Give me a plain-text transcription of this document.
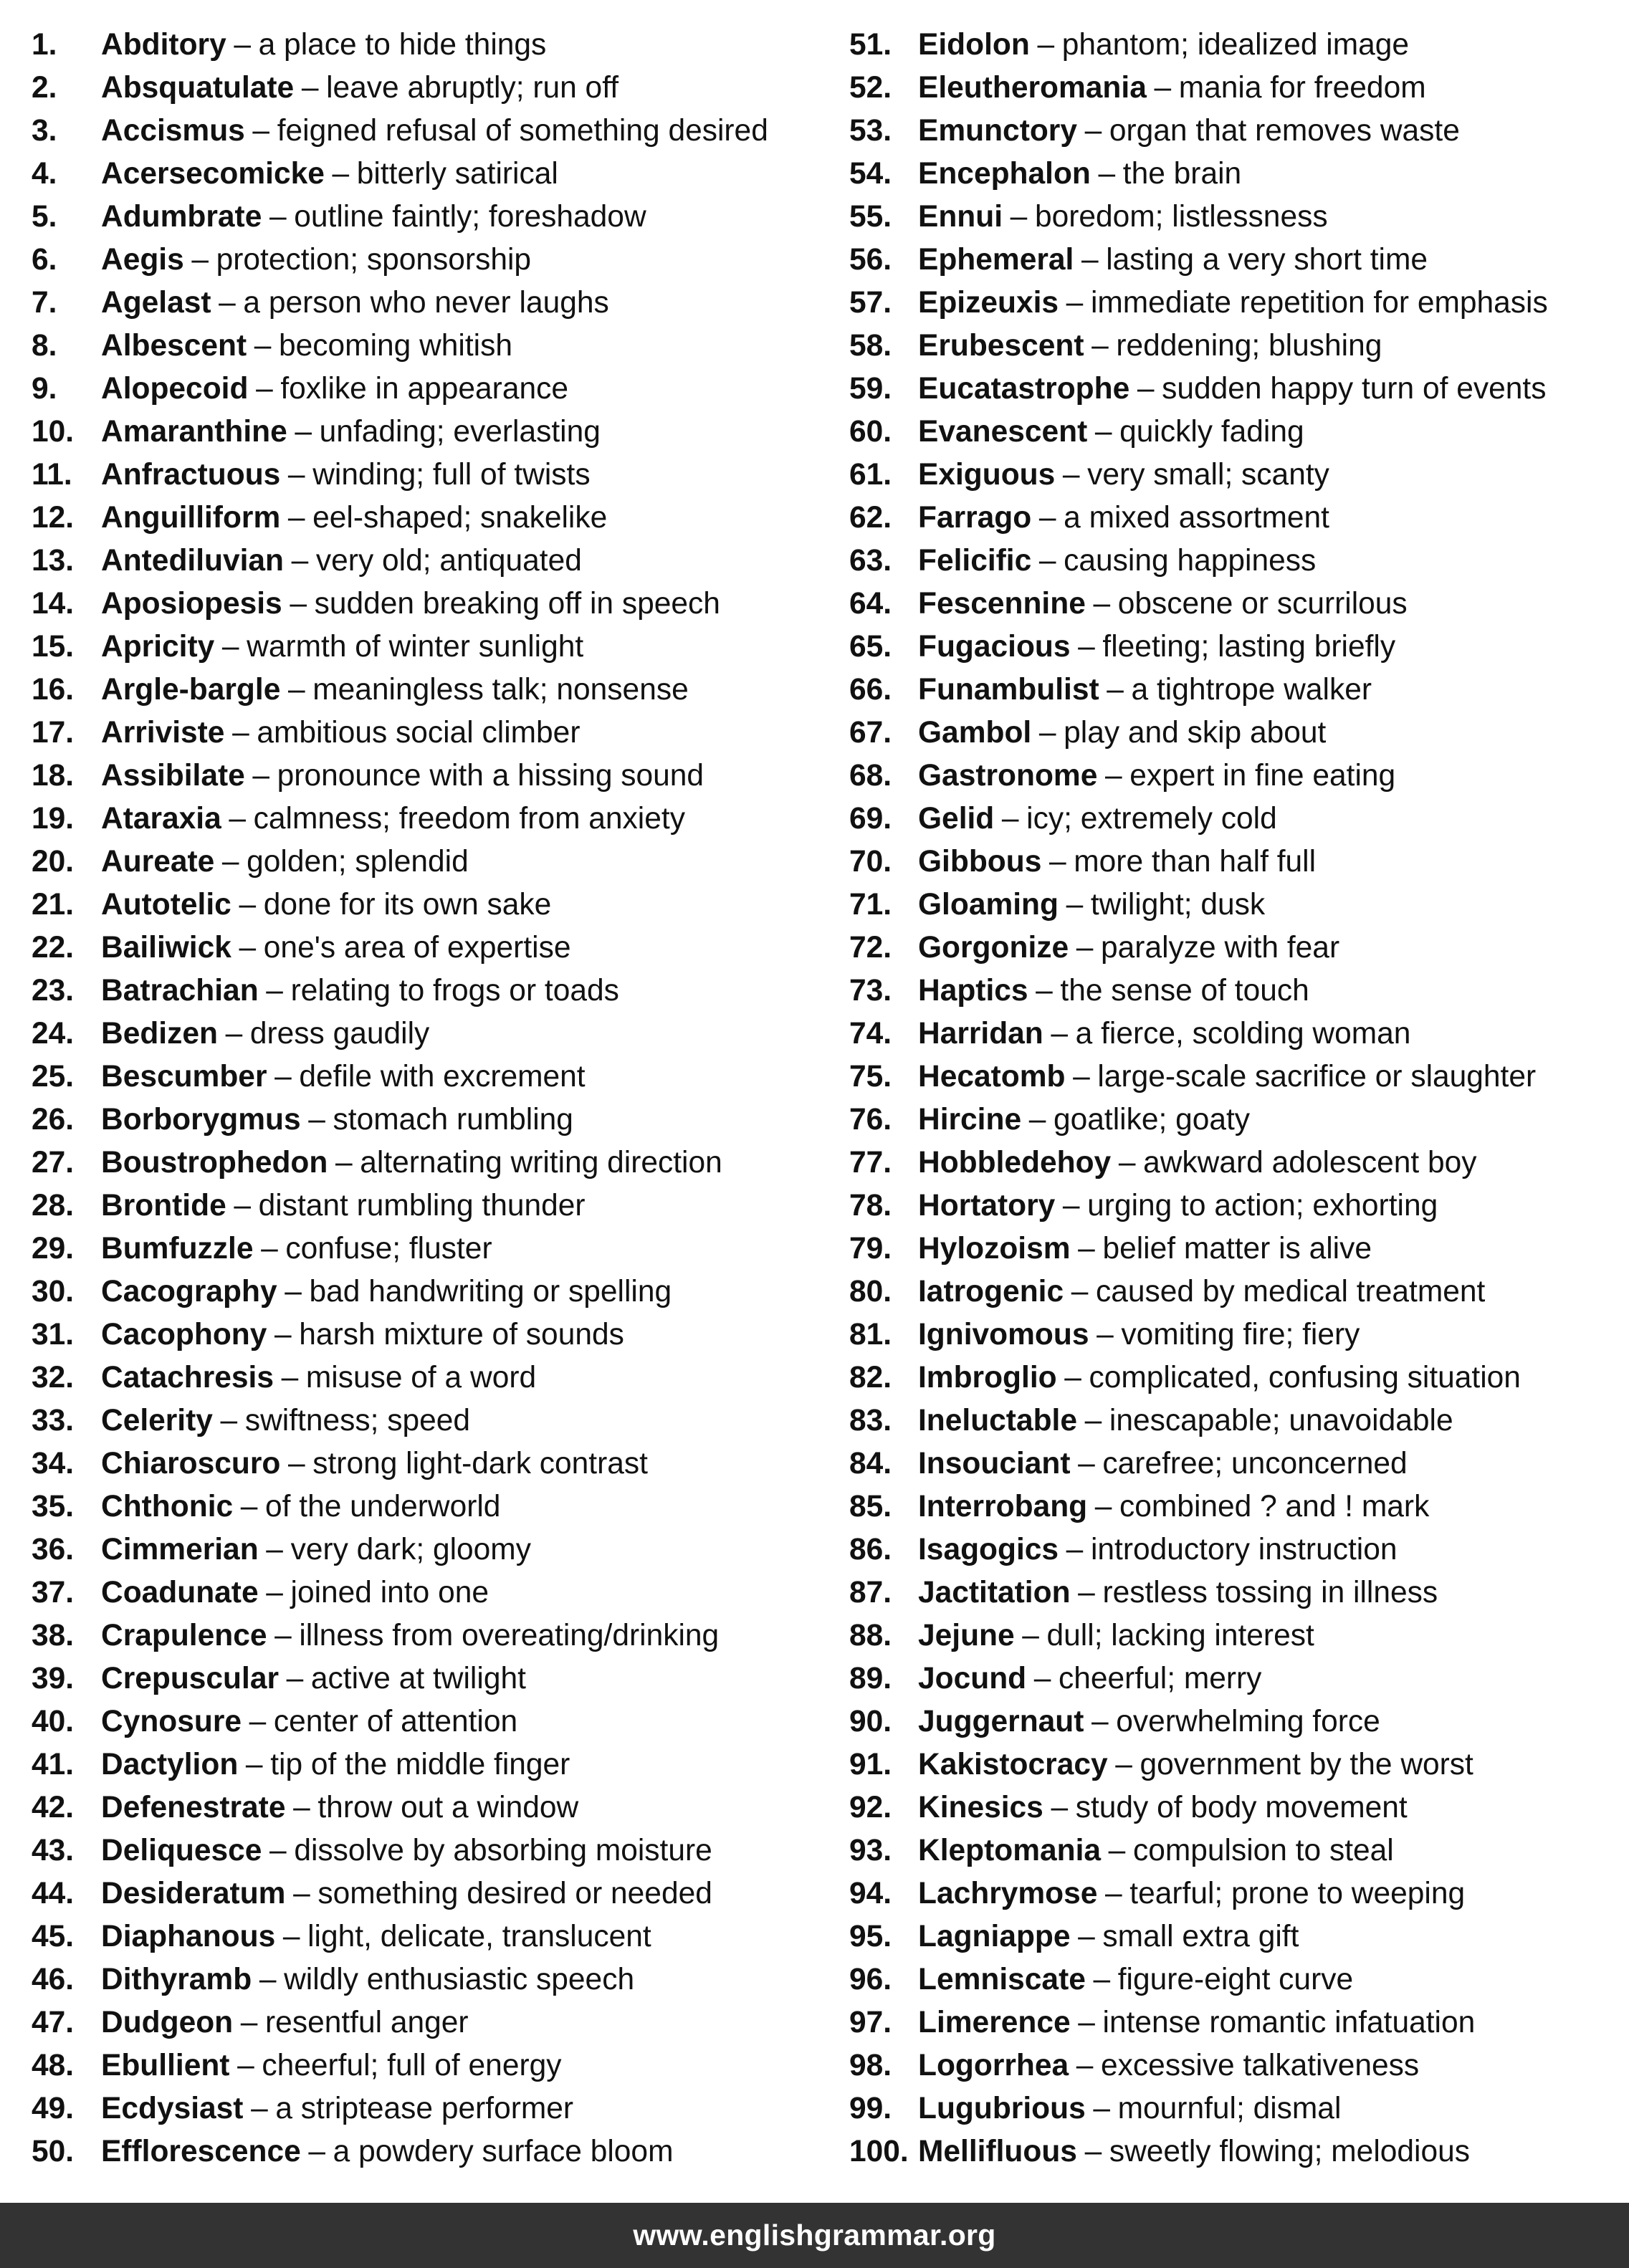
1.	Abditory – a place to hide things
2.	Absquatulate – leave abruptly; run off
3.	Accismus – feigned refusal of something desired
4.	Acersecomicke – bitterly satirical
5.	Adumbrate – outline faintly; foreshadow
6.	Aegis – protection; sponsorship
7.	Agelast – a person who never laughs
8.	Albescent – becoming whitish
9.	Alopecoid – foxlike in appearance
10. Amaranthine – unfading; everlasting
11. Anfractuous – winding; full of twists
12. Anguilliform – eel-shaped; snakelike
13. Antediluvian – very old; antiquated
14. Aposiopesis – sudden breaking off in speech
15. Apricity – warmth of winter sunlight
16. Argle-bargle – meaningless talk; nonsense
17. Arriviste – ambitious social climber
18. Assibilate – pronounce with a hissing sound
19. Ataraxia – calmness; freedom from anxiety
20. Aureate – golden; splendid
21. Autotelic – done for its own sake
22. Bailiwick – one's area of expertise
23. Batrachian – relating to frogs or toads
24. Bedizen – dress gaudily
25. Bescumber – defile with excrement
26. Borborygmus – stomach rumbling
27. Boustrophedon – alternating writing direction
28. Brontide – distant rumbling thunder
29. Bumfuzzle – confuse; fluster
30. Cacography – bad handwriting or spelling
31. Cacophony – harsh mixture of sounds
32. Catachresis – misuse of a word
33. Celerity – swiftness; speed
34. Chiaroscuro – strong light-dark contrast
35. Chthonic – of the underworld
36. Cimmerian – very dark; gloomy
37. Coadunate – joined into one
38. Crapulence – illness from overeating/drinking
39. Crepuscular – active at twilight
40. Cynosure – center of attention
41. Dactylion – tip of the middle finger
42. Defenestrate – throw out a window
43. Deliquesce – dissolve by absorbing moisture
44. Desideratum – something desired or needed
45. Diaphanous – light, delicate, translucent
46. Dithyramb – wildly enthusiastic speech
47. Dudgeon – resentful anger
48. Ebullient – cheerful; full of energy
49. Ecdysiast – a striptease performer
50. Efflorescence – a powdery surface bloom
51. Eidolon – phantom; idealized image
52. Eleutheromania – mania for freedom
53. Emunctory – organ that removes waste
54. Encephalon – the brain
55. Ennui – boredom; listlessness
56. Ephemeral – lasting a very short time
57. Epizeuxis – immediate repetition for emphasis
58. Erubescent – reddening; blushing
59. Eucatastrophe – sudden happy turn of events
60. Evanescent – quickly fading
61. Exiguous – very small; scanty
62. Farrago – a mixed assortment
63. Felicific – causing happiness
64. Fescennine – obscene or scurrilous
65. Fugacious – fleeting; lasting briefly
66. Funambulist – a tightrope walker
67. Gambol – play and skip about
68. Gastronome – expert in fine eating
69. Gelid – icy; extremely cold
70. Gibbous – more than half full
71. Gloaming – twilight; dusk
72. Gorgonize – paralyze with fear
73. Haptics – the sense of touch
74. Harridan – a fierce, scolding woman
75. Hecatomb – large-scale sacrifice or slaughter
76. Hircine – goatlike; goaty
77. Hobbledehoy – awkward adolescent boy
78. Hortatory – urging to action; exhorting
79. Hylozoism – belief matter is alive
80. Iatrogenic – caused by medical treatment
81. Ignivomous – vomiting fire; fiery
82. Imbroglio – complicated, confusing situation
83. Ineluctable – inescapable; unavoidable
84. Insouciant – carefree; unconcerned
85. Interrobang – combined ? and ! mark
86. Isagogics – introductory instruction
87. Jactitation – restless tossing in illness
88. Jejune – dull; lacking interest
89. Jocund – cheerful; merry
90. Juggernaut – overwhelming force
91. Kakistocracy – government by the worst
92. Kinesics – study of body movement
93. Kleptomania – compulsion to steal
94. Lachrymose – tearful; prone to weeping
95. Lagniappe – small extra gift
96. Lemniscate – figure-eight curve
97. Limerence – intense romantic infatuation
98. Logorrhea – excessive talkativeness
99. Lugubrious – mournful; dismal
100. Mellifluous – sweetly flowing; melodious
www.englishgrammar.org
